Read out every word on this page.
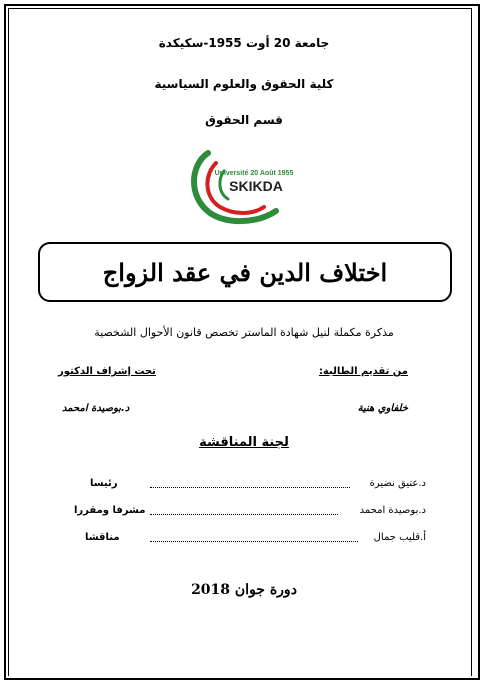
جامعة 20 أوت 1955-سكيكدة
كلية الحقوق والعلوم السياسية
قسم الحقوق
Université 20 Août 1955
SKIKDA
اختلاف الدين في عقد الزواج
مذكرة مكملة لنيل شهادة الماستر تخصص قانون الأحوال الشخصية
من تقديم الطالبة:
تحت إشراف الدكتور
خلفاوي هنية
د.بوصيدة امحمد
لجنة المناقشة
د.عتيق نضيرة
رئيسا
د.بوصيدة امحمد
مشرفا ومقررا
أ.قليب جمال
مناقشا
دورة جوان 2018
